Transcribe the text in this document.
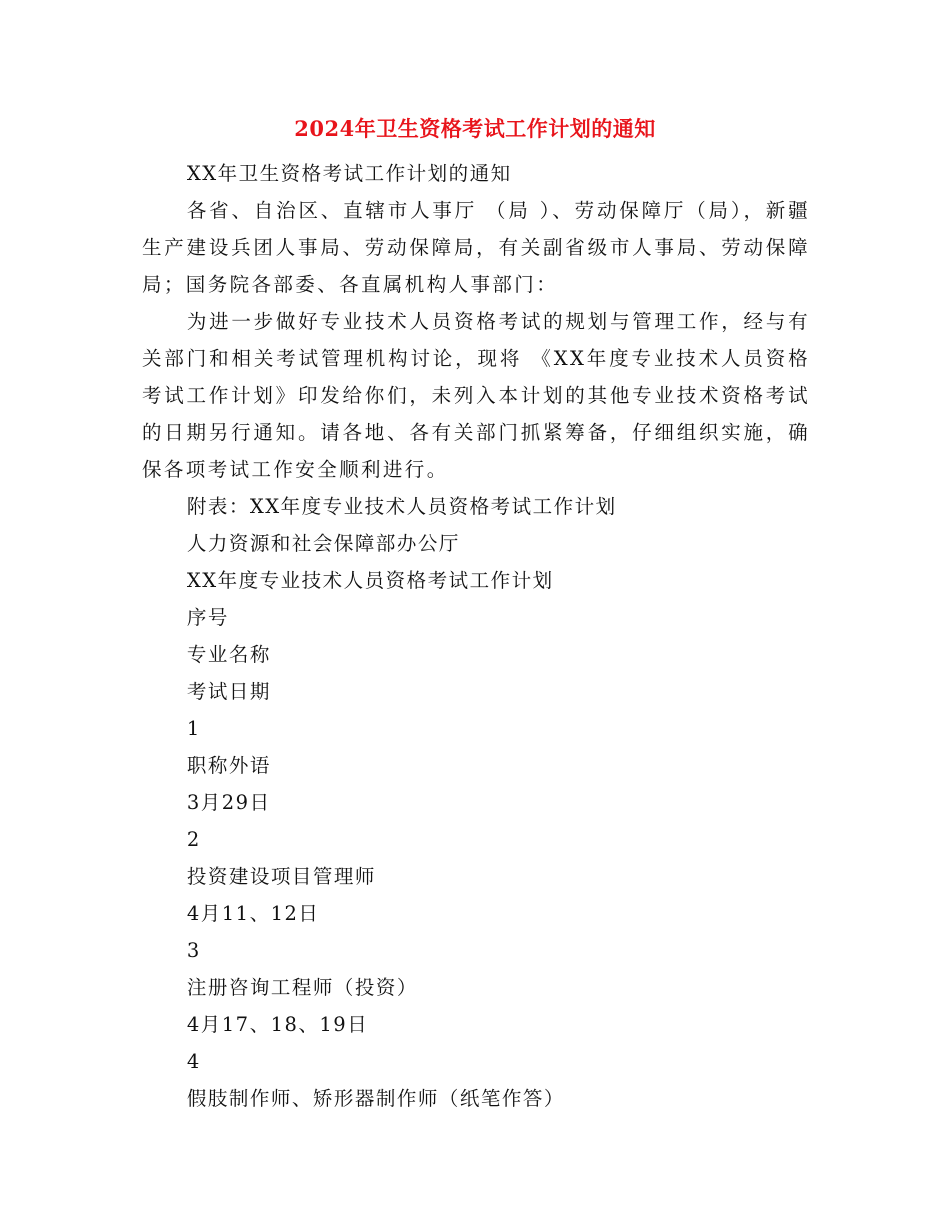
2024年卫生资格考试工作计划的通知

XX年卫生资格考试工作计划的通知

各省、自治区、直辖市人事厅 （局 ）、劳动保障厅（局），新疆生产建设兵团人事局、劳动保障局，有关副省级市人事局、劳动保障局；国务院各部委、各直属机构人事部门：

为进一步做好专业技术人员资格考试的规划与管理工作，经与有关部门和相关考试管理机构讨论，现将 《XX年度专业技术人员资格考试工作计划》印发给你们，未列入本计划的其他专业技术资格考试的日期另行通知。请各地、各有关部门抓紧筹备，仔细组织实施，确保各项考试工作安全顺利进行。

附表：XX年度专业技术人员资格考试工作计划

人力资源和社会保障部办公厅

XX年度专业技术人员资格考试工作计划

序号

专业名称

考试日期

1

职称外语

3月29日

2

投资建设项目管理师

4月11、12日

3

注册咨询工程师（投资）

4月17、18、19日

4

假肢制作师、矫形器制作师（纸笔作答）
